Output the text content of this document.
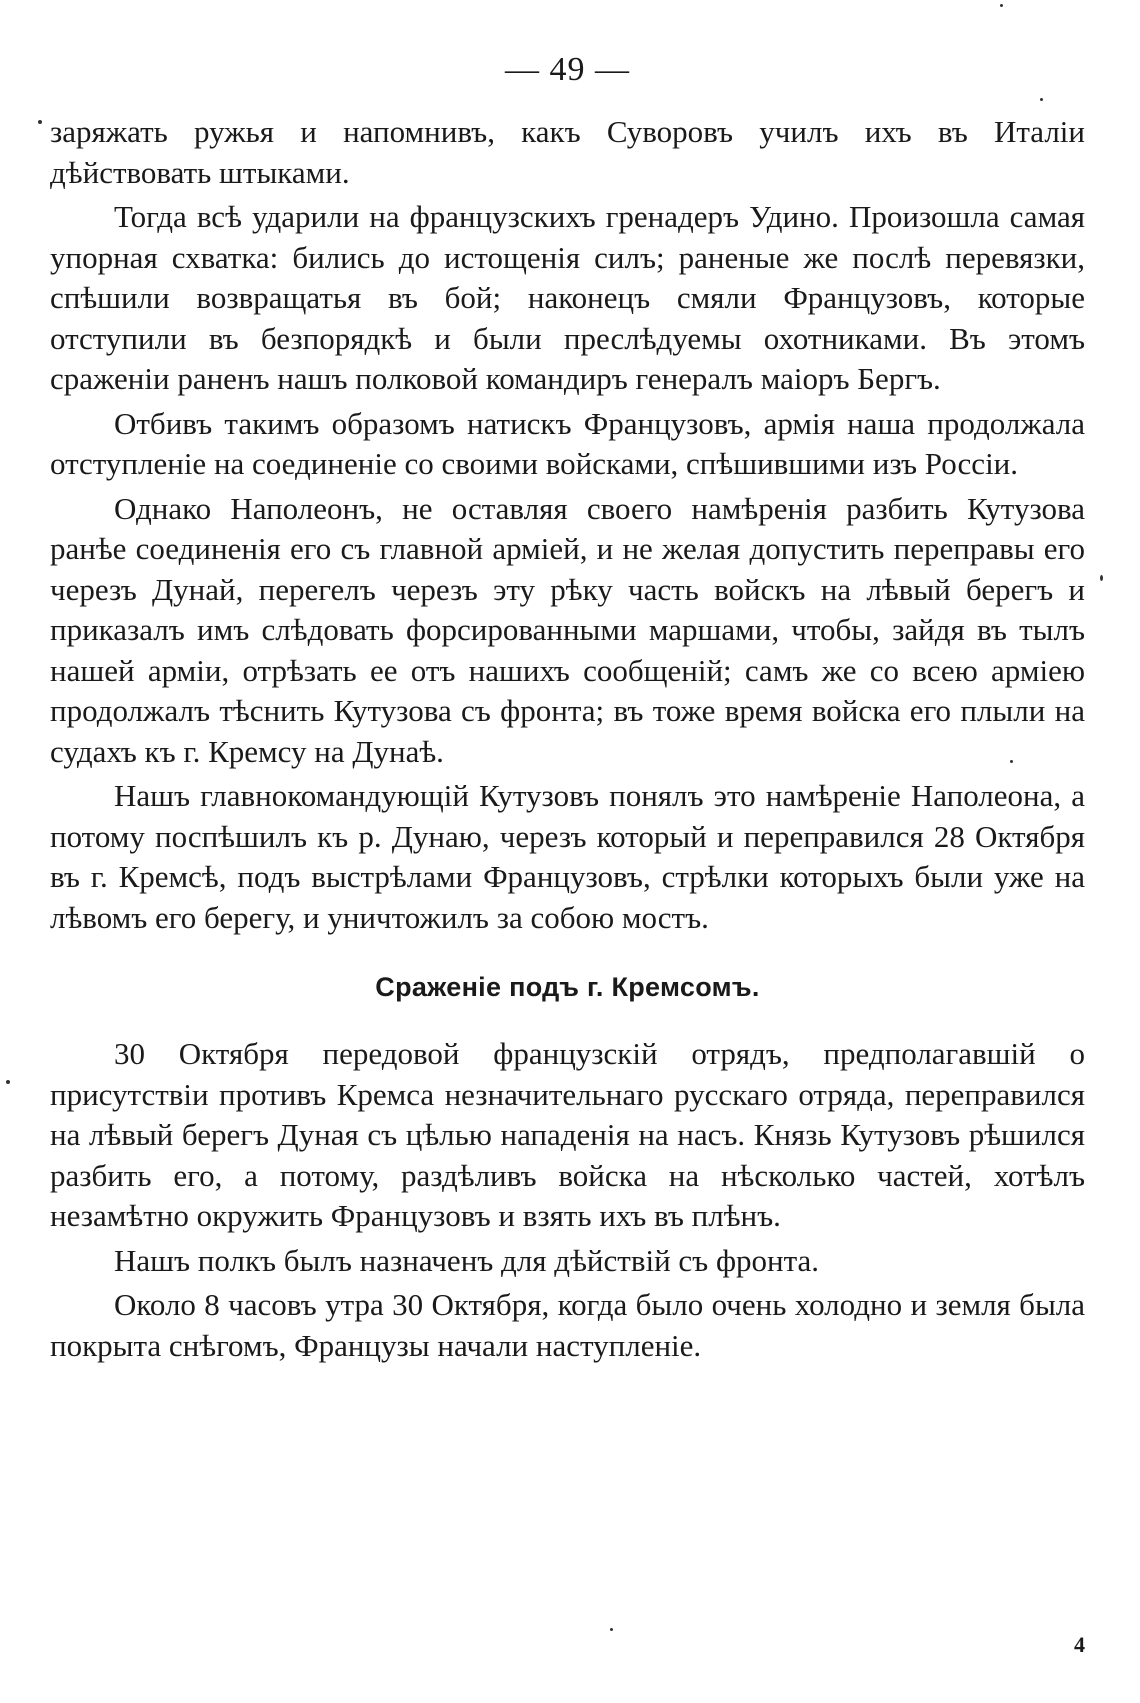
— 49 —

заряжать ружья и напомнивъ, какъ Суворовъ училъ ихъ въ Италiи дѣйствовать штыками.

Тогда всѣ ударили на французскихъ гренадеръ Удино. Произошла самая упорная схватка: бились до истощенiя силъ; раненые же послѣ перевязки, спѣшили возвращатья въ бой; наконецъ смяли Французовъ, которые отступили въ безпорядкѣ и были преслѣдуемы охотниками. Въ этомъ сраженiи раненъ нашъ полковой командиръ генералъ маiоръ Бергъ.

Отбивъ такимъ образомъ натискъ Французовъ, армiя наша продолжала отступленiе на соединенiе со своими войсками, спѣшившими изъ Россiи.

Однако Наполеонъ, не оставляя своего намѣренiя разбить Кутузова ранѣе соединенiя его съ главной армiей, и не желая допустить переправы его черезъ Дунай, перегелъ черезъ эту рѣку часть войскъ на лѣвый берегъ и приказалъ имъ слѣдовать форсированными маршами, чтобы, зайдя въ тылъ нашей армiи, отрѣзать ее отъ нашихъ сообщенiй; самъ же со всею армiею продолжалъ тѣснить Кутузова съ фронта; въ тоже время войска его плыли на судахъ къ г. Кремсу на Дунаѣ.

Нашъ главнокомандующiй Кутузовъ понялъ это намѣренiе Наполеона, а потому поспѣшилъ къ р. Дунаю, черезъ который и переправился 28 Октября въ г. Кремсѣ, подъ выстрѣлами Французовъ, стрѣлки которыхъ были уже на лѣвомъ его берегу, и уничтожилъ за собою мостъ.

Сраженiе подъ г. Кремсомъ.

30 Октября передовой французскiй отрядъ, предполагавшiй о присутствiи противъ Кремса незначительнаго русскаго отряда, переправился на лѣвый берегъ Дуная съ цѣлью нападенiя на насъ. Князь Кутузовъ рѣшился разбить его, а потому, раздѣливъ войска на нѣсколько частей, хотѣлъ незамѣтно окружить Французовъ и взять ихъ въ плѣнъ.

Нашъ полкъ былъ назначенъ для дѣйствiй съ фронта.

Около 8 часовъ утра 30 Октября, когда было очень холодно и земля была покрыта снѣгомъ, Французы начали наступленiе.

4
